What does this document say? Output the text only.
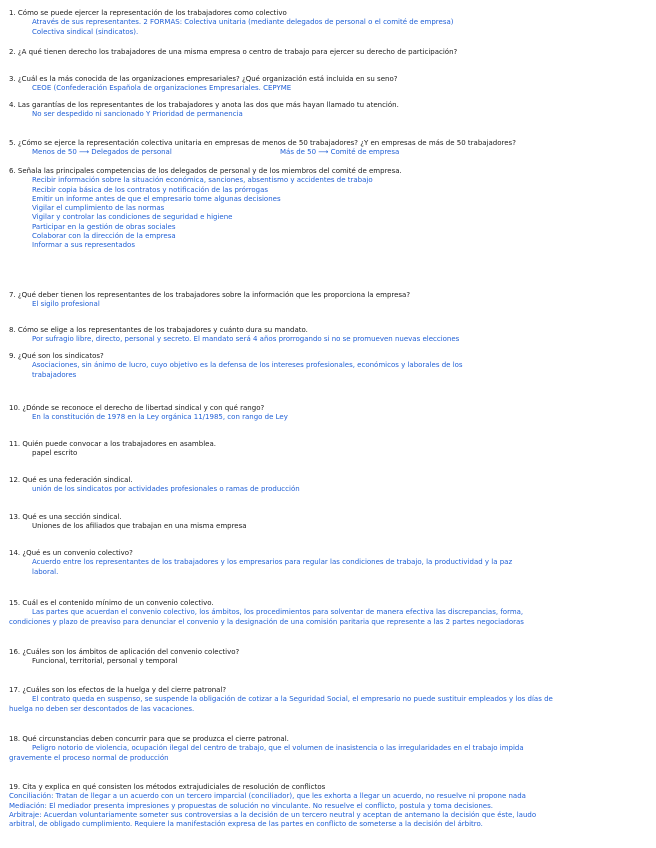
1. Cómo se puede ejercer la representación de los trabajadores como colectivo
Através de sus representantes. 2 FORMAS: Colectiva unitaria (mediante delegados de personal o el comité de empresa)
Colectiva sindical (sindicatos).
2. ¿A qué tienen derecho los trabajadores de una misma empresa o centro de trabajo para ejercer su derecho de participación?
3. ¿Cuál es la más conocida de las organizaciones empresariales? ¿Qué organización está incluida en su seno?
CEOE (Confederación Española de organizaciones Empresariales. CEPYME
4. Las garantías de los representantes de los trabajadores y anota las dos que más hayan llamado tu atención.
No ser despedido ni sancionado Y Prioridad de permanencia
5. ¿Cómo se ejerce la representación colectiva unitaria en empresas de menos de 50 trabajadores? ¿Y en empresas de más de 50 trabajadores?
Menos de 50 ⟶ Delegados de personal	Más de 50 ⟶ Comité de empresa
6. Señala las principales competencias de los delegados de personal y de los miembros del comité de empresa.
Recibir información sobre la situación económica, sanciones, absentismo y accidentes de trabajo
Recibir copia básica de los contratos y notificación de las prórrogas
Emitir un informe antes de que el empresario tome algunas decisiones
Vigilar el cumplimiento de las normas
Vigilar y controlar las condiciones de seguridad e higiene
Participar en la gestión de obras sociales
Colaborar con la dirección de la empresa
Informar a sus representados
7. ¿Qué deber tienen los representantes de los trabajadores sobre la información que les proporciona la empresa?
El sigilo profesional
8. Cómo se elige a los representantes de los trabajadores y cuánto dura su mandato.
Por sufragio libre, directo, personal y secreto. El mandato será 4 años prorrogando si no se promueven nuevas elecciones
9. ¿Qué son los sindicatos?
Asociaciones, sin ánimo de lucro, cuyo objetivo es la defensa de los intereses profesionales, económicos y laborales de los
trabajadores
10. ¿Dónde se reconoce el derecho de libertad sindical y con qué rango?
En la constitución de 1978 en la Ley orgánica 11/1985, con rango de Ley
11. Quién puede convocar a los trabajadores en asamblea.
papel escrito
12. Qué es una federación sindical.
unión de los sindicatos por actividades profesionales o ramas de producción
13. Qué es una sección sindical.
Uniones de los afiliados que trabajan en una misma empresa
14. ¿Qué es un convenio colectivo?
Acuerdo entre los representantes de los trabajadores y los empresarios para regular las condiciones de trabajo, la productividad y la paz
laboral.
15. Cuál es el contenido mínimo de un convenio colectivo.
Las partes que acuerdan el convenio colectivo, los ámbitos, los procedimientos para solventar de manera efectiva las discrepancias, forma,
condiciones y plazo de preaviso para denunciar el convenio y la designación de una comisión paritaria que represente a las 2 partes negociadoras
16. ¿Cuáles son los ámbitos de aplicación del convenio colectivo?
Funcional, territorial, personal y temporal
17. ¿Cuáles son los efectos de la huelga y del cierre patronal?
El contrato queda en suspenso, se suspende la obligación de cotizar a la Seguridad Social, el empresario no puede sustituir empleados y los días de
huelga no deben ser descontados de las vacaciones.
18. Qué circunstancias deben concurrir para que se produzca el cierre patronal.
Peligro notorio de violencia, ocupación ilegal del centro de trabajo, que el volumen de inasistencia o las irregularidades en el trabajo impida
gravemente el proceso normal de producción
19. Cita y explica en qué consisten los métodos extrajudiciales de resolución de conflictos
Conciliación: Tratan de llegar a un acuerdo con un tercero imparcial (conciliador), que les exhorta a llegar un acuerdo, no resuelve ni propone nada
Mediación: El mediador presenta impresiones y propuestas de solución no vinculante. No resuelve el conflicto, postula y toma decisiones.
Arbitraje: Acuerdan voluntariamente someter sus controversias a la decisión de un tercero neutral y aceptan de antemano la decisión que éste, laudo
arbitral, de obligado cumplimiento. Requiere la manifestación expresa de las partes en conflicto de someterse a la decisión del árbitro.
